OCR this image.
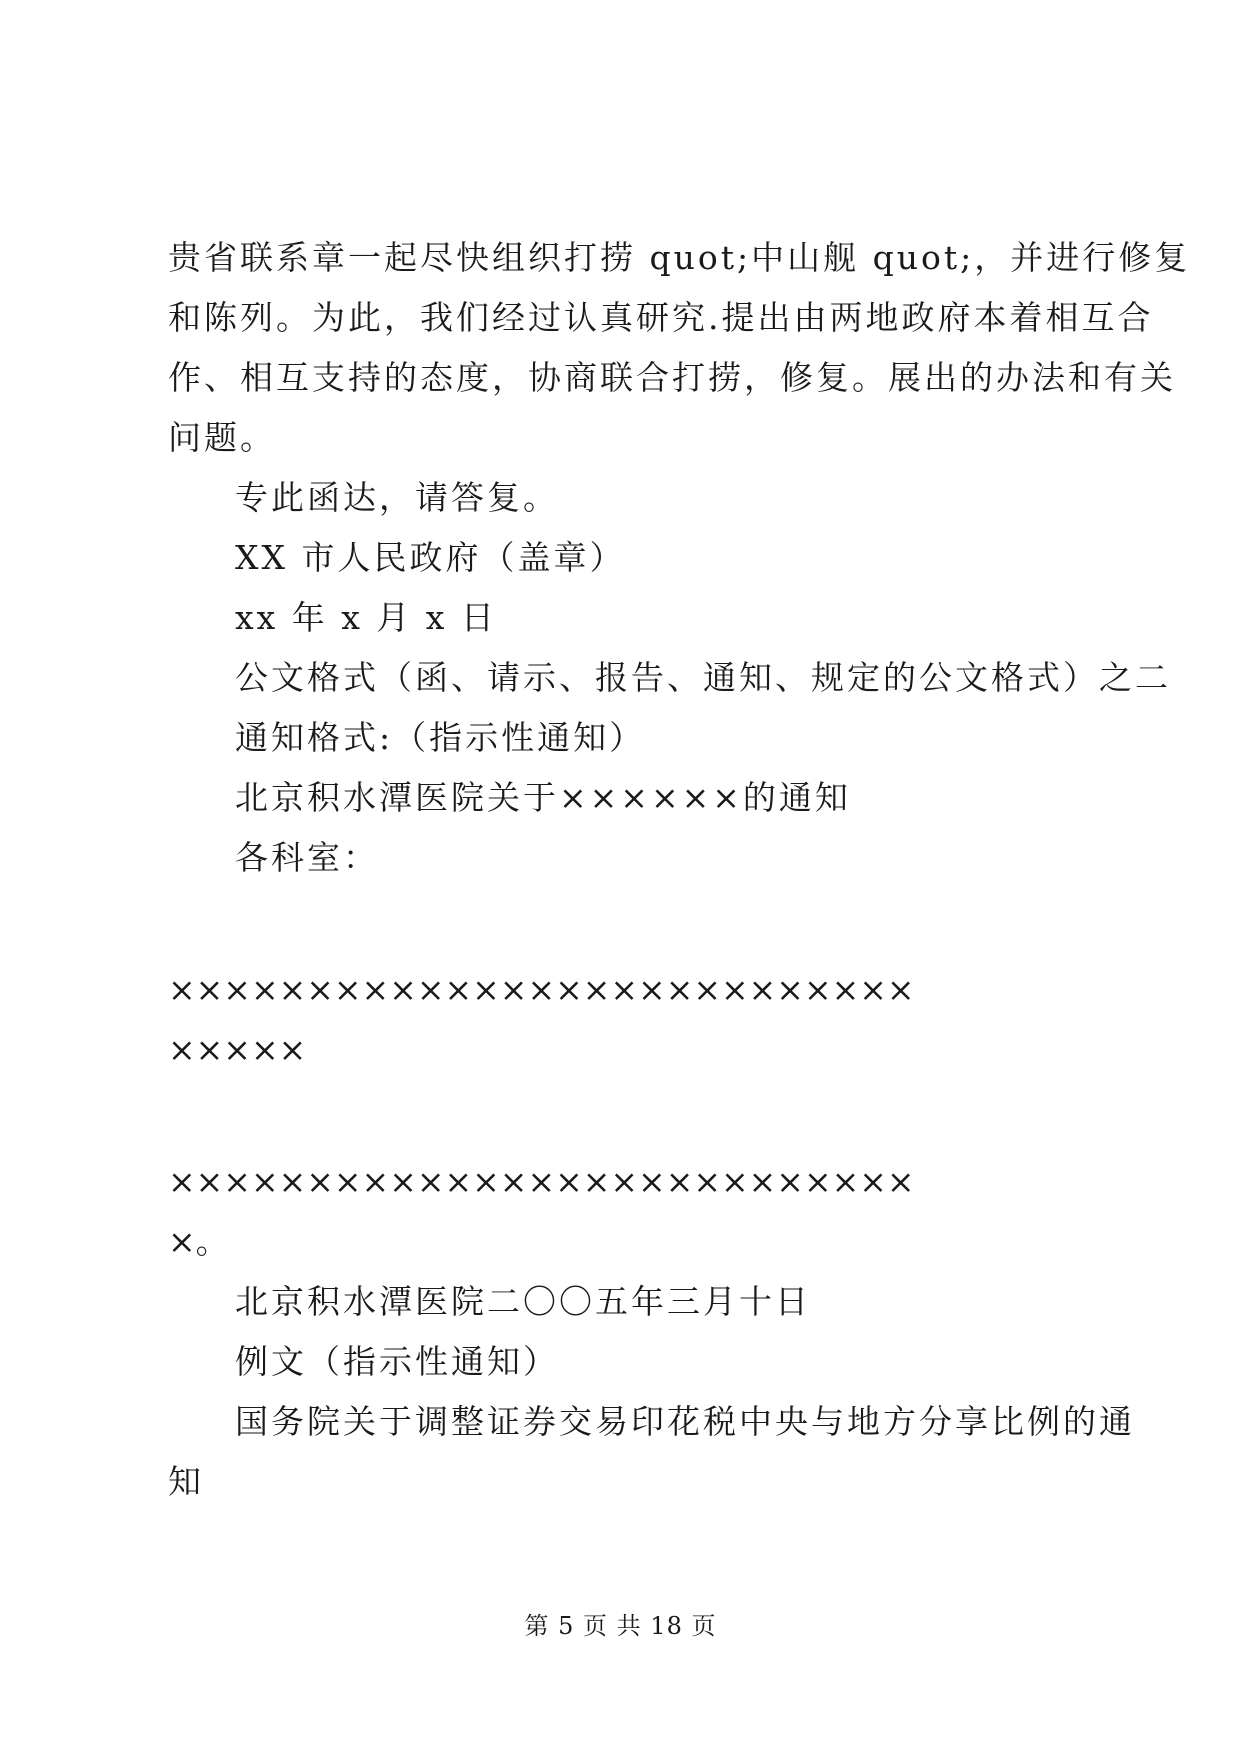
贵省联系章一起尽快组织打捞 quot;中山舰 quot;，并进行修复
和陈列。为此，我们经过认真研究.提出由两地政府本着相互合
作、相互支持的态度，协商联合打捞，修复。展出的办法和有关
问题。
专此函达，请答复。
XX 市人民政府（盖章）
xx 年 x 月 x 日
公文格式（函、请示、报告、通知、规定的公文格式）之二
通知格式:（指示性通知）
北京积水潭医院关于××××××的通知
各科室：
×××××××××××××××××××××××××××
×××××
×××××××××××××××××××××××××××
×。
北京积水潭医院二〇〇五年三月十日
例文（指示性通知）
国务院关于调整证券交易印花税中央与地方分享比例的通
知
第 5 页 共 18 页
